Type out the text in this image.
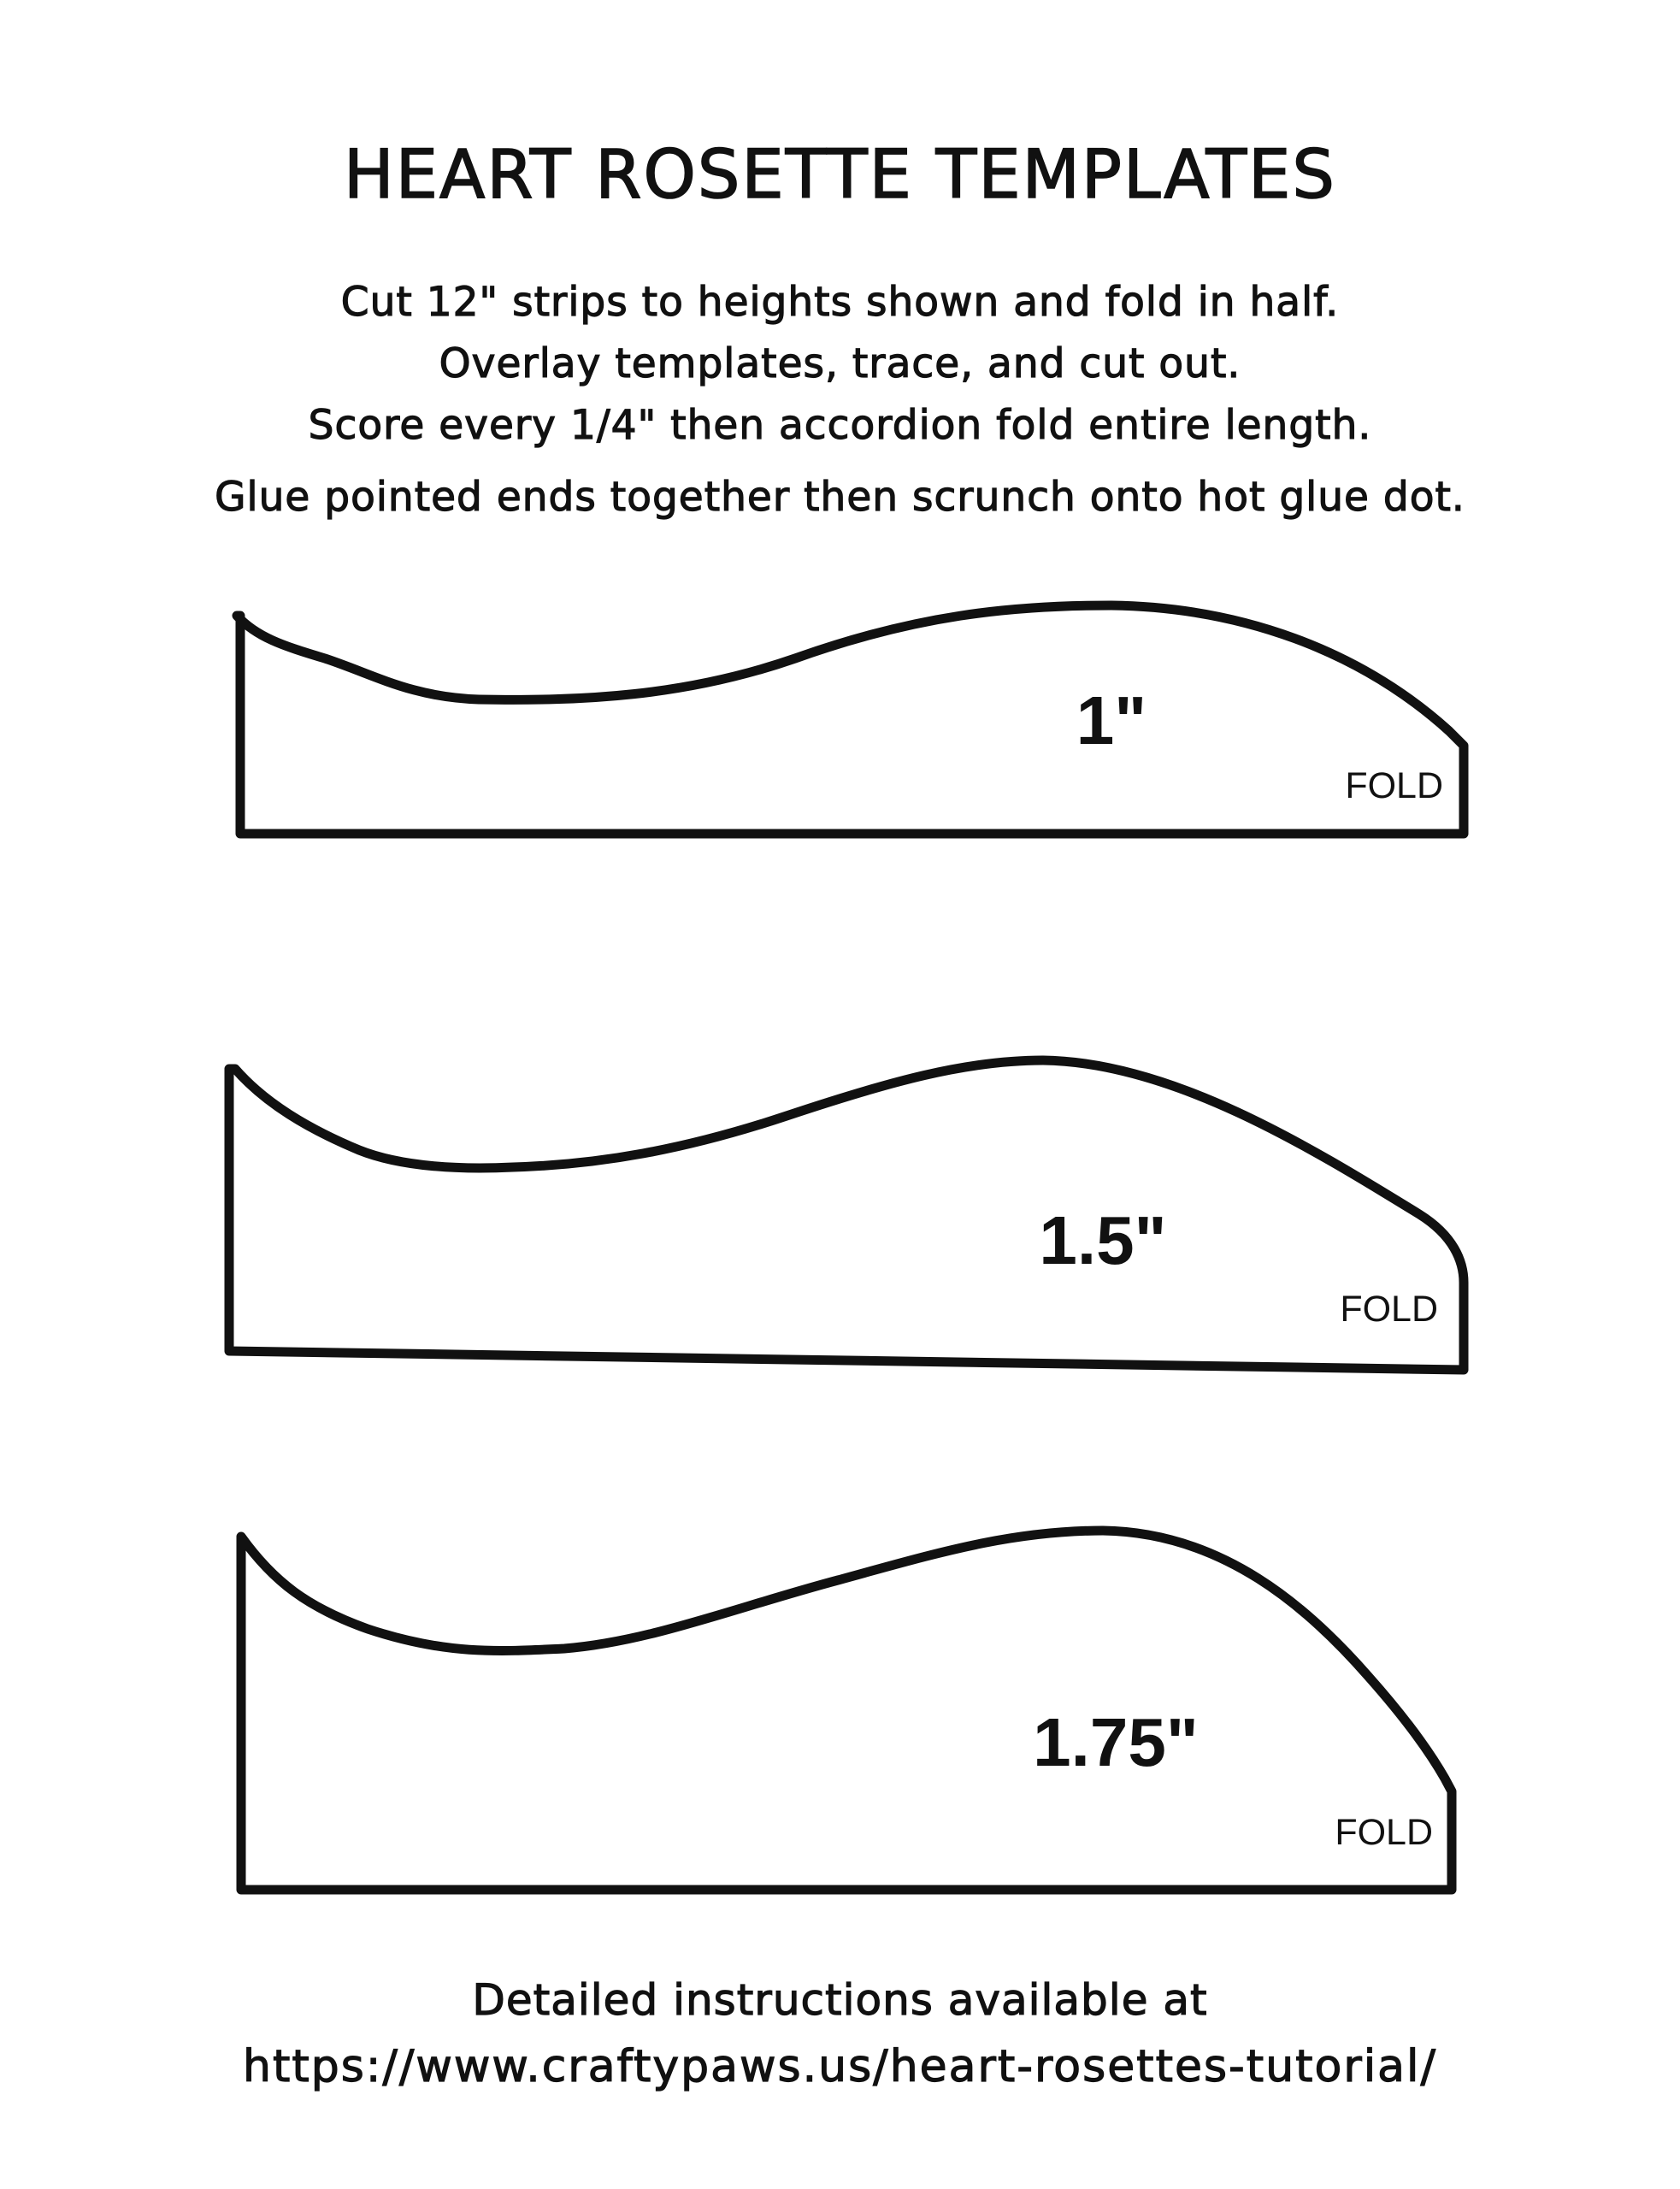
HEART ROSETTE TEMPLATES
Cut 12" strips to heights shown and fold in half.
Overlay templates, trace, and cut out.
Score every 1/4" then accordion fold entire length.
Glue pointed ends together then scrunch onto hot glue dot.
1"
FOLD
1.5"
FOLD
1.75"
FOLD
Detailed instructions available at
https://www.craftypaws.us/heart-rosettes-tutorial/
